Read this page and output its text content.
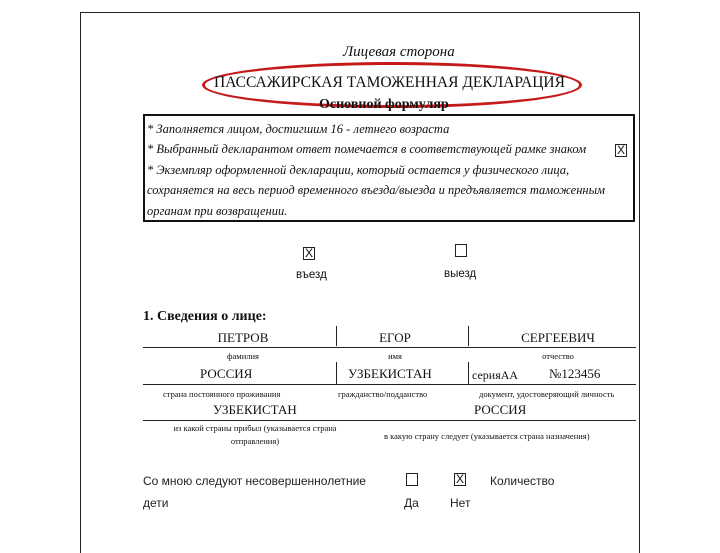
Лицевая сторона
ПАССАЖИРСКАЯ ТАМОЖЕННАЯ ДЕКЛАРАЦИЯ
Основной формуляр
* Заполняется лицом, достигшим 16 - летнего возраста
* Выбранный декларантом ответ помечается в соответствующей рамке знаком	X
* Экземпляр оформленной декларации, который остается у физического лица,
сохраняется на весь период временного въезда/выезда и предъявляется таможенным
органам при возвращении.
X
въезд	выезд
1. Сведения о лице:
ПЕТРОВ	ЕГОР	СЕРГЕЕВИЧ
фамилия	имя	отчество
РОССИЯ	УЗБЕКИСТАН	серияАА №123456
страна постоянного проживания	гражданство/подданство	документ, удостоверяющий личность
УЗБЕКИСТАН	РОССИЯ
из какой страны прибыл (указывается страна
отправления)	в какую страну следует (указывается страна назначения)
Со мною следуют несовершеннолетние
дети	Да
X
Нет
Количество
